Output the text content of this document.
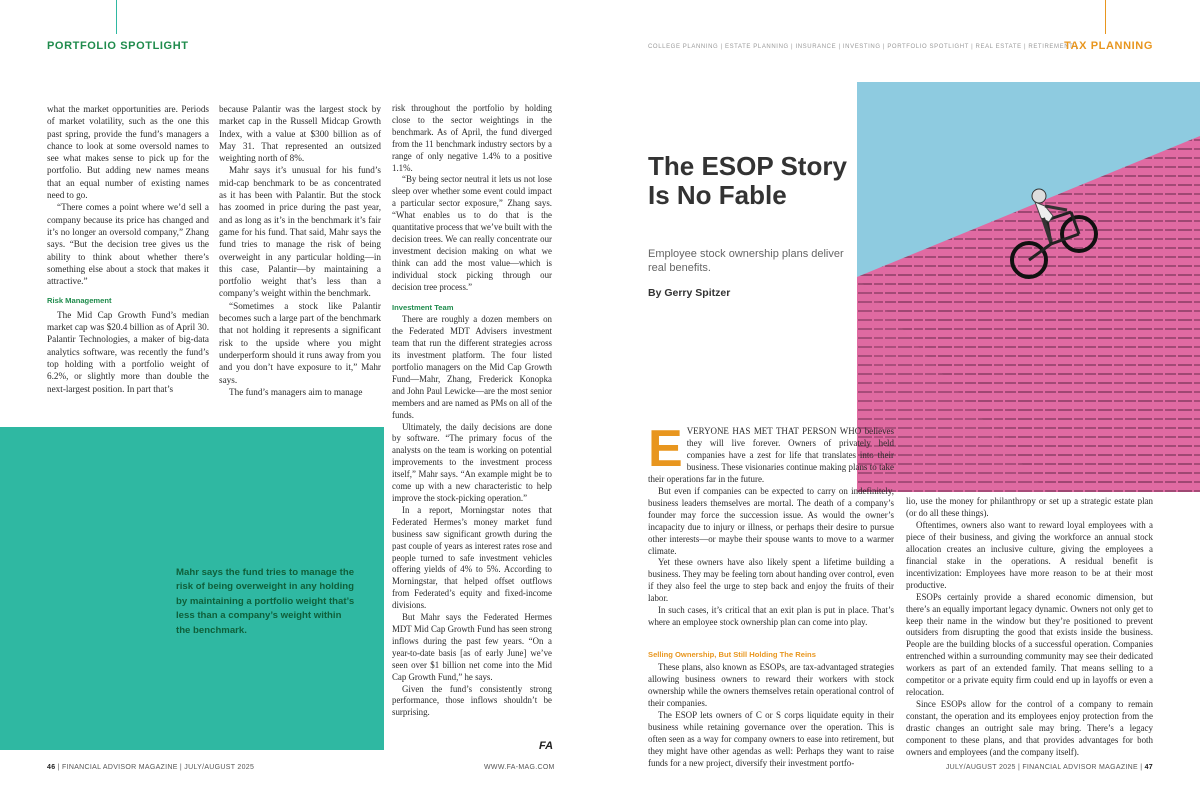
PORTFOLIO SPOTLIGHT
Mahr says the fund tries to manage the risk of being overweight in any holding by maintaining a portfolio weight that’s less than a company’s weight within the benchmark.

what the market opportunities are. Periods of market volatility, such as the one this past spring, provide the fund’s managers a chance to look at some oversold names to see what makes sense to pick up for the portfolio. But adding new names means that an equal number of existing names need to go.

“There comes a point where we’d sell a company because its price has changed and it’s no longer an oversold company,” Zhang says. “But the decision tree gives us the ability to think about whether there’s something else about a stock that makes it attractive.”

Risk Management

The Mid Cap Growth Fund’s median market cap was $20.4 billion as of April 30. Palantir Technologies, a maker of big-data analytics software, was recently the fund’s top holding with a portfolio weight of 6.2%, or slightly more than double the next-largest position. In part that’s

because Palantir was the largest stock by market cap in the Russell Midcap Growth Index, with a value at $300 billion as of May 31. That represented an outsized weighting north of 8%.

Mahr says it’s unusual for his fund’s mid-cap benchmark to be as concentrated as it has been with Palantir. But the stock has zoomed in price during the past year, and as long as it’s in the benchmark it’s fair game for his fund. That said, Mahr says the fund tries to manage the risk of being overweight in any particular holding—in this case, Palantir—by maintaining a portfolio weight that’s less than a company’s weight within the benchmark.

“Sometimes a stock like Palantir becomes such a large part of the benchmark that not holding it represents a significant risk to the upside where you might underperform should it runs away from you and you don’t have exposure to it,” Mahr says.

The fund’s managers aim to manage

risk throughout the portfolio by holding close to the sector weightings in the benchmark. As of April, the fund diverged from the 11 benchmark industry sectors by a range of only negative 1.4% to a positive 1.1%.

“By being sector neutral it lets us not lose sleep over whether some event could impact a particular sector exposure,” Zhang says. “What enables us to do that is the quantitative process that we’ve built with the decision trees. We can really concentrate our investment decision making on what we think can add the most value—which is individual stock picking through our decision tree process.”

Investment Team

There are roughly a dozen members on the Federated MDT Advisers investment team that run the different strategies across its investment platform. The four listed portfolio managers on the Mid Cap Growth Fund—Mahr, Zhang, Frederick Konopka and John Paul Lewicke—are the most senior members and are named as PMs on all of the funds.

Ultimately, the daily decisions are done by software. “The primary focus of the analysts on the team is working on potential improvements to the investment process itself,” Mahr says. “An example might be to come up with a new characteristic to help improve the stock-picking operation.”

In a report, Morningstar notes that Federated Hermes’s money market fund business saw significant growth during the past couple of years as interest rates rose and people turned to safe investment vehicles offering yields of 4% to 5%. According to Morningstar, that helped offset outflows from Federated’s equity and fixed-income divisions.

But Mahr says the Federated Hermes MDT Mid Cap Growth Fund has seen strong inflows during the past few years. “On a year-to-date basis [as of early June] we’ve seen over $1 billion net come into the Mid Cap Growth Fund,” he says.

Given the fund’s consistently strong performance, those inflows shouldn’t be surprising.

FA
46 | FINANCIAL ADVISOR MAGAZINE | JULY/AUGUST 2025	WWW.FA-MAG.COM
COLLEGE PLANNING | ESTATE PLANNING | INSURANCE | INVESTING | PORTFOLIO SPOTLIGHT | REAL ESTATE | RETIREMENT |
TAX PLANNING
The ESOP Story Is No Fable
Employee stock ownership plans deliver real benefits.
By Gerry Spitzer

EVERYONE HAS MET THAT PERSON WHO believes they will live forever. Owners of privately held companies have a zest for life that translates into their business. These visionaries continue making plans to take their operations far in the future.

But even if companies can be expected to carry on indefinitely, business leaders themselves are mortal. The death of a company’s founder may force the succession issue. As would the owner’s incapacity due to injury or illness, or perhaps their desire to pursue other interests—or maybe their spouse wants to move to a warmer climate.

Yet these owners have also likely spent a lifetime building a business. They may be feeling torn about handing over control, even if they also feel the urge to step back and enjoy the fruits of their labor.

In such cases, it’s critical that an exit plan is put in place. That’s where an employee stock ownership plan can come into play.

Selling Ownership, But Still Holding The Reins

These plans, also known as ESOPs, are tax-advantaged strategies allowing business owners to reward their workers with stock ownership while the owners themselves retain operational control of their companies.

The ESOP lets owners of C or S corps liquidate equity in their business while retaining governance over the operation. This is often seen as a way for company owners to ease into retirement, but they might have other agendas as well: Perhaps they want to raise funds for a new project, diversify their investment portfo-

lio, use the money for philanthropy or set up a strategic estate plan (or do all these things).

Oftentimes, owners also want to reward loyal employees with a piece of their business, and giving the workforce an annual stock allocation creates an inclusive culture, giving the employees a financial stake in the operations. A residual benefit is incentivization: Employees have more reason to be at their most productive.

ESOPs certainly provide a shared economic dimension, but there’s an equally important legacy dynamic. Owners not only get to keep their name in the window but they’re positioned to prevent outsiders from disrupting the good that exists inside the business. People are the building blocks of a successful operation. Companies entrenched within a surrounding community may see their dedicated workers as part of an extended family. That means selling to a competitor or a private equity firm could end up in layoffs or even a relocation.

Since ESOPs allow for the control of a company to remain constant, the operation and its employees enjoy protection from the drastic changes an outright sale may bring. There’s a legacy component to these plans, and that provides advantages for both owners and employees (and the company itself).

JULY/AUGUST 2025 | FINANCIAL ADVISOR MAGAZINE | 47
